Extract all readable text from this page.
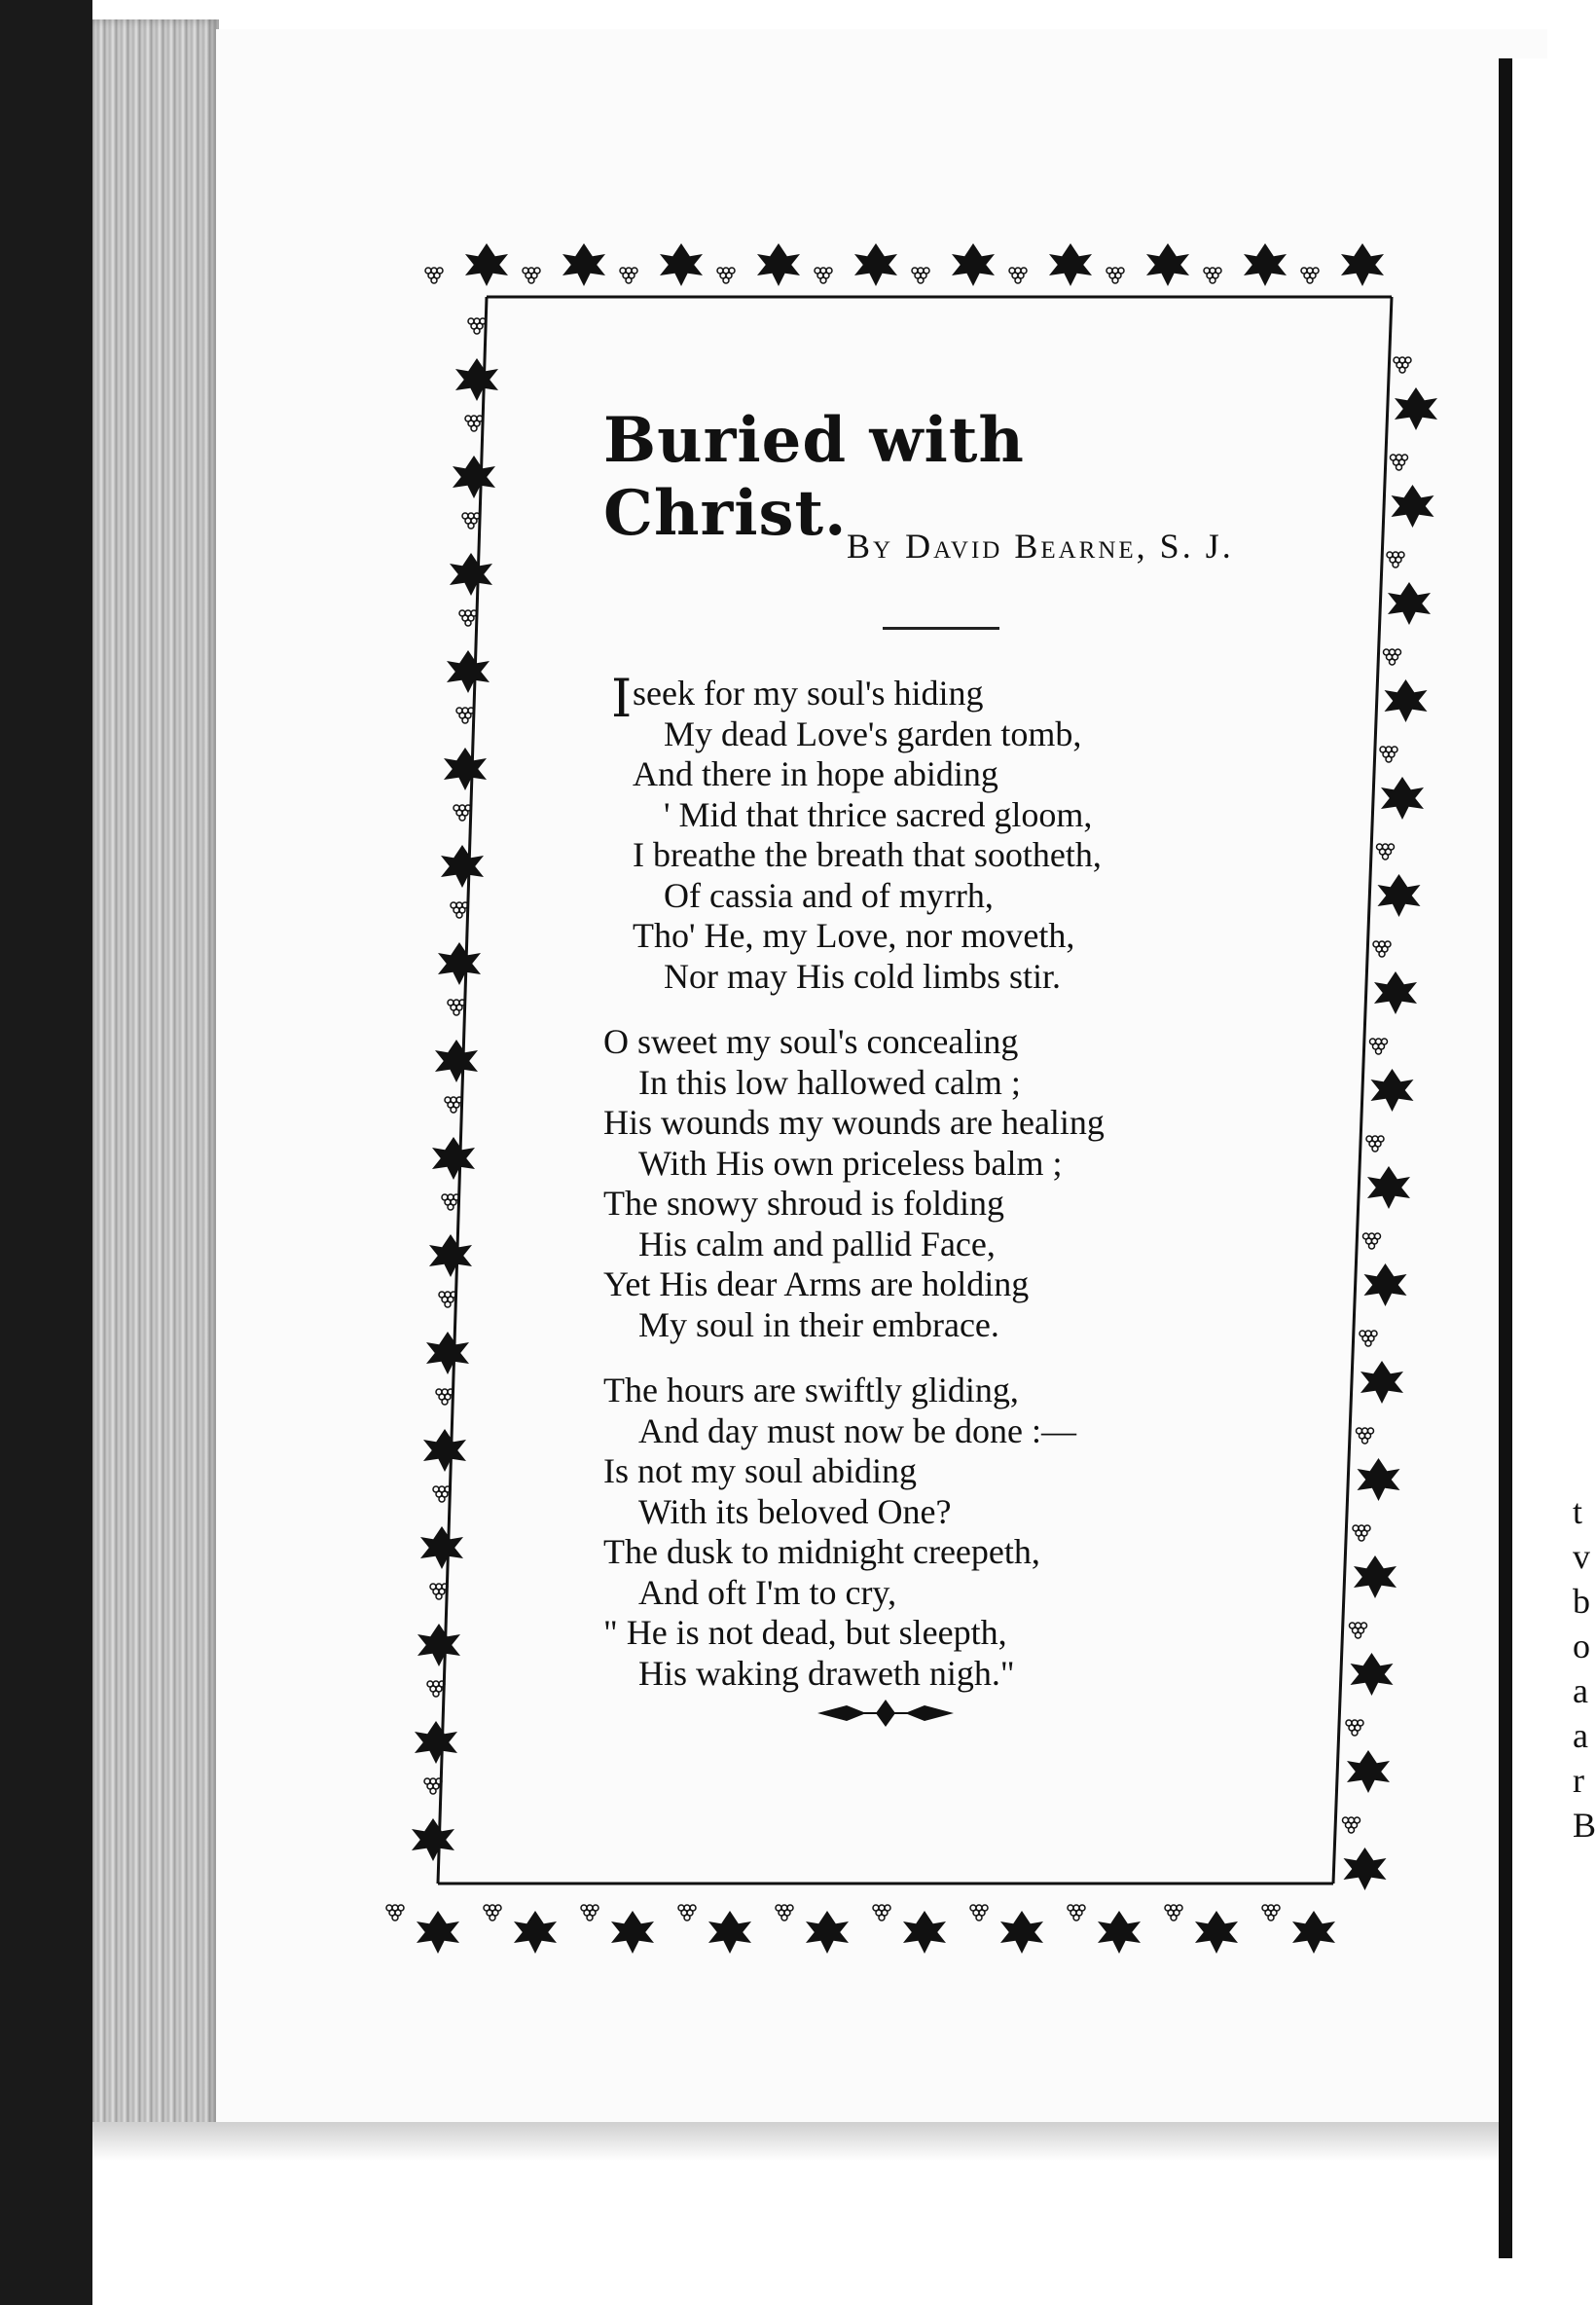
t
v
b
o
a
a
r
B
Buried with Christ. By David Bearne, S. J.
I seek for my soul's hiding
My dead Love's garden tomb,
And there in hope abiding
' Mid that thrice sacred gloom,
I breathe the breath that sootheth,
Of cassia and of myrrh,
Tho' He, my Love, nor moveth,
Nor may His cold limbs stir.
O sweet my soul's concealing
In this low hallowed calm ;
His wounds my wounds are healing
With His own priceless balm ;
The snowy shroud is folding
His calm and pallid Face,
Yet His dear Arms are holding
My soul in their embrace.
The hours are swiftly gliding,
And day must now be done :—
Is not my soul abiding
With its beloved One?
The dusk to midnight creepeth,
And oft I'm to cry,
" He is not dead, but sleepth,
His waking draweth nigh."
